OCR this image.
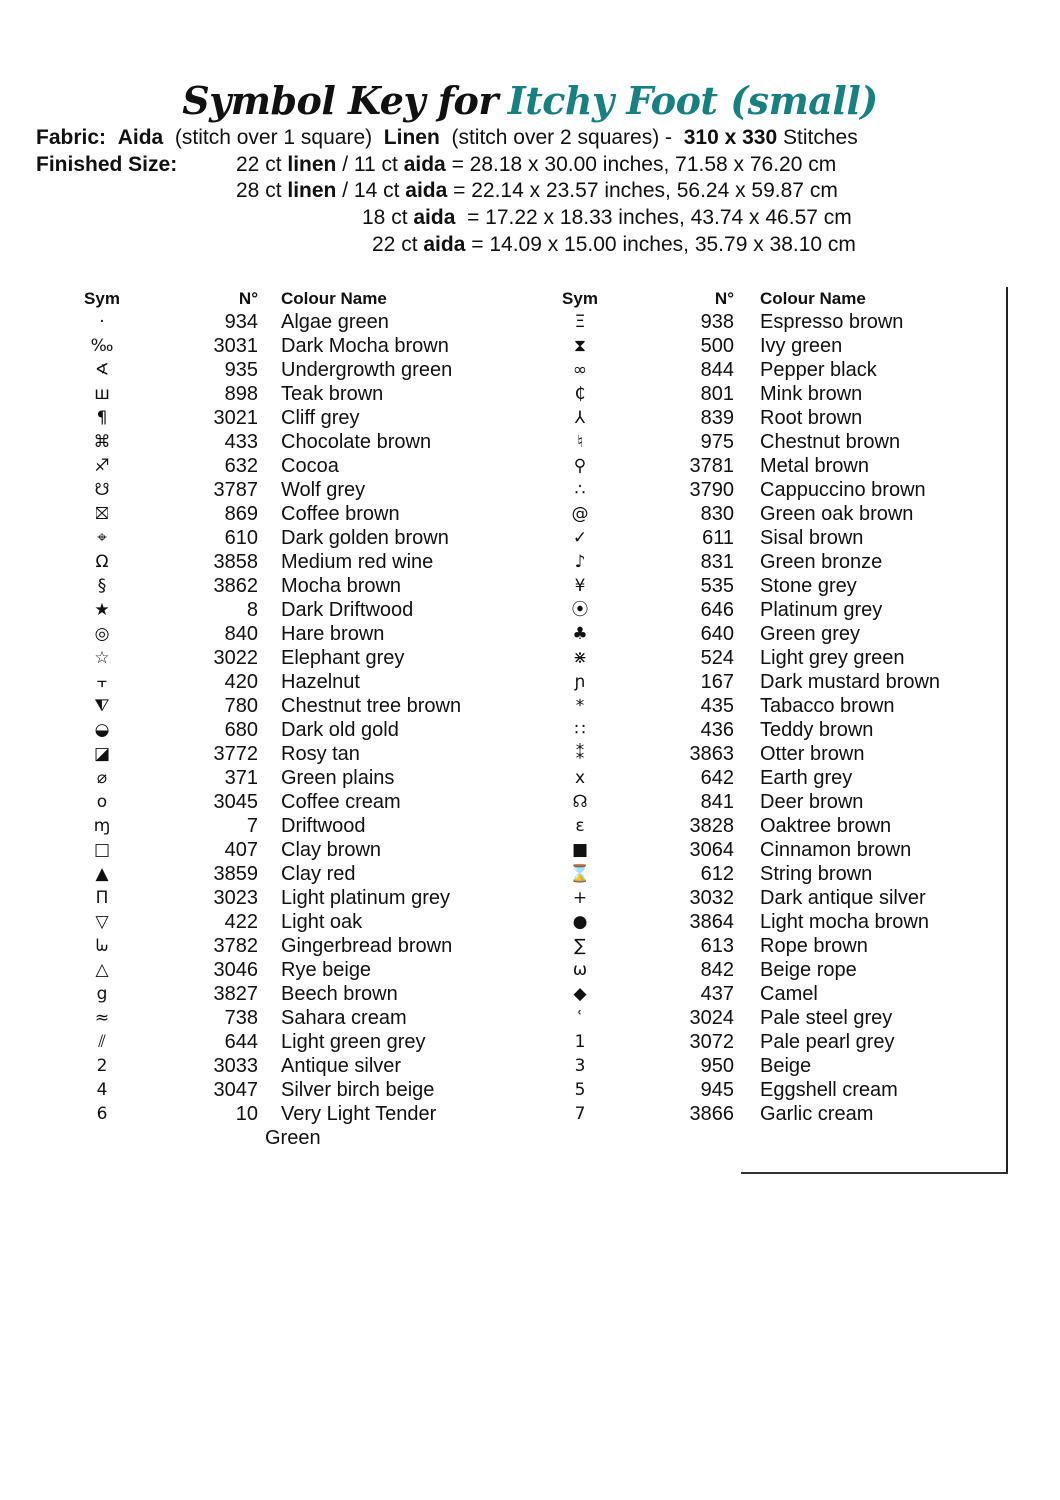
Symbol Key for Itchy Foot (small)
Fabric: Aida (stitch over 1 square) Linen (stitch over 2 squares) - 310 x 330 Stitches
Finished Size:	22 ct linen / 11 ct aida = 28.18 x 30.00 inches, 71.58 x 76.20 cm
28 ct linen / 14 ct aida = 22.14 x 23.57 inches, 56.24 x 59.87 cm
18 ct aida  = 17.22 x 18.33 inches, 43.74 x 46.57 cm
22 ct aida = 14.09 x 15.00 inches, 35.79 x 38.10 cm
Sym	N° Colour Name
·	934 Algae green
‰	3031 Dark Mocha brown
∢	935 Undergrowth green
ш	898 Teak brown
¶	3021 Cliff grey
⌘	433 Chocolate brown
♐	632 Cocoa
☋	3787 Wolf grey
⛝	869 Coffee brown
⌖	610 Dark golden brown
Ω	3858 Medium red wine
§	3862 Mocha brown
★	8 Dark Driftwood
◎	840 Hare brown
☆	3022 Elephant grey
⫟	420 Hazelnut
⧨	780 Chestnut tree brown
◒	680 Dark old gold
◪	3772 Rosy tan
⌀	371 Green plains
o	3045 Coffee cream
ɱ	7 Driftwood
□	407 Clay brown
▲	3859 Clay red
Π	3023 Light platinum grey
▽	422 Light oak
ᘈ	3782 Gingerbread brown
△	3046 Rye beige
g	3827 Beech brown
≈	738 Sahara cream
⫽	644 Light green grey
2	3033 Antique silver
4	3047 Silver birch beige
6	10 Very Light Tender
Green
Sym	N° Colour Name
Ξ	938 Espresso brown
⧗	500 Ivy green
∞	844 Pepper black
₵	801 Mink brown
⅄	839 Root brown
♮	975 Chestnut brown
⚲	3781 Metal brown
∴	3790 Cappuccino brown
@	830 Green oak brown
✓	611 Sisal brown
♪	831 Green bronze
¥	535 Stone grey
⦿	646 Platinum grey
♣	640 Green grey
⋇	524 Light grey green
ɲ	167 Dark mustard brown
*	435 Tabacco brown
∷	436 Teddy brown
⁑	3863 Otter brown
x	642 Earth grey
☊	841 Deer brown
ε	3828 Oaktree brown
■	3064 Cinnamon brown
⌛	612 String brown
+	3032 Dark antique silver
●	3864 Light mocha brown
∑	613 Rope brown
ω	842 Beige rope
◆	437 Camel
ʿ	3024 Pale steel grey
1	3072 Pale pearl grey
3	950 Beige
5	945 Eggshell cream
7	3866 Garlic cream
